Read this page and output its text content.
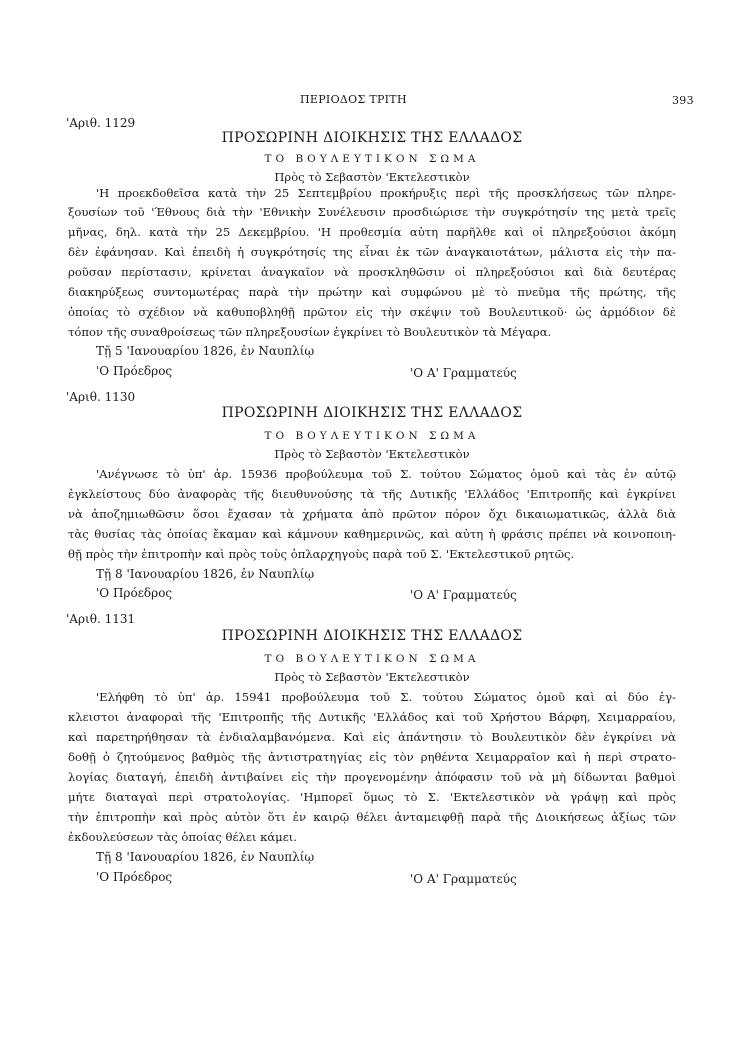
ΠΕΡΙΟΔΟΣ ΤΡΙΤΗ	393
'Αριθ. 1129
ΠΡΟΣΩΡΙΝΗ ΔΙΟΙΚΗΣΙΣ ΤΗΣ ΕΛΛΑΔΟΣ
ΤΟ ΒΟΥΛΕΥΤΙΚΟΝ ΣΩΜΑ
Πρὸς τὸ Σεβαστὸν 'Εκτελεστικὸν
'Η προεκδοθεῖσα κατὰ τὴν 25 Σεπτεμβρίου προκήρυξις περὶ τῆς προσκλήσεως τῶν πληρε-
ξουσίων τοῦ 'Έθνους διὰ τὴν 'Εθνικὴν Συνέλευσιν προσδιώρισε τὴν συγκρότησίν της μετὰ τρεῖς
μῆνας, δηλ. κατὰ τὴν 25 Δεκεμβρίου. 'Η προθεσμία αὐτη παρῆλθε καὶ οἱ πληρεξούσιοι ἀκόμη
δὲν ἐφάνησαν. Καὶ ἐπειδὴ ἡ συγκρότησίς της εἶναι ἐκ τῶν ἀναγκαιοτάτων, μάλιστα εἰς τὴν πα-
ροῦσαν περίστασιν, κρίνεται ἀναγκαῖον νὰ προσκληθῶσιν οἱ πληρεξούσιοι καὶ διὰ δευτέρας
διακηρύξεως συντομωτέρας παρὰ τὴν πρώτην καὶ συμφώνου μὲ τὸ πνεῦμα τῆς πρώτης, τῆς
ὁποίας τὸ σχέδιον νὰ καθυποβληθῇ πρῶτον εἰς τὴν σκέψιν τοῦ Βουλευτικοῦ· ὡς ἁρμόδιον δὲ
τόπον τῆς συναθροίσεως τῶν πληρεξουσίων ἐγκρίνει τὸ Βουλευτικὸν τὰ Μέγαρα.
Τῇ 5 'Ιανουαρίου 1826, ἐν Ναυπλίῳ
'Ο Πρόεδρος	'Ο Α' Γραμματεύς
'Αριθ. 1130
ΠΡΟΣΩΡΙΝΗ ΔΙΟΙΚΗΣΙΣ ΤΗΣ ΕΛΛΑΔΟΣ
ΤΟ ΒΟΥΛΕΥΤΙΚΟΝ ΣΩΜΑ
Πρὸς τὸ Σεβαστὸν 'Εκτελεστικὸν
'Ανέγνωσε τὸ ὑπ' ἀρ. 15936 προβούλευμα τοῦ Σ. τούτου Σώματος ὁμοῦ καὶ τὰς ἐν αὐτῷ
ἐγκλείστους δύο ἀναφορὰς τῆς διευθυνούσης τὰ τῆς Δυτικῆς 'Ελλάδος 'Επιτροπῆς καὶ ἐγκρίνει
νὰ ἀποζημιωθῶσιν ὅσοι ἔχασαν τὰ χρήματα ἀπὸ πρῶτον πόρον ὄχι δικαιωματικῶς, ἀλλὰ διὰ
τὰς θυσίας τὰς ὁποίας ἔκαμαν καὶ κάμνουν καθημερινῶς, καὶ αὐτη ἡ φράσις πρέπει νὰ κοινοποιη-
θῇ πρὸς τὴν ἐπιτροπὴν καὶ πρὸς τοὺς ὁπλαρχηγοὺς παρὰ τοῦ Σ. 'Εκτελεστικοῦ ρητῶς.
Τῇ 8 'Ιανουαρίου 1826, ἐν Ναυπλίῳ
'Ο Πρόεδρος	'Ο Α' Γραμματεύς
'Αριθ. 1131
ΠΡΟΣΩΡΙΝΗ ΔΙΟΙΚΗΣΙΣ ΤΗΣ ΕΛΛΑΔΟΣ
ΤΟ ΒΟΥΛΕΥΤΙΚΟΝ ΣΩΜΑ
Πρὸς τὸ Σεβαστὸν 'Εκτελεστικὸν
'Ελήφθη τὸ ὑπ' ἀρ. 15941 προβούλευμα τοῦ Σ. τούτου Σώματος ὁμοῦ καὶ αἱ δύο ἐγ-
κλειστοι ἀναφοραὶ τῆς 'Επιτροπῆς τῆς Δυτικῆς 'Ελλάδος καὶ τοῦ Χρήστου Βάρφη, Χειμαρραίου,
καὶ παρετηρήθησαν τὰ ἐνδιαλαμβανόμενα. Καὶ εἰς ἀπάντησιν τὸ Βουλευτικὸν δὲν ἐγκρίνει νὰ
δοθῇ ὁ ζητούμενος βαθμὸς τῆς ἀντιστρατηγίας εἰς τὸν ρηθέντα Χειμαρραῖον καὶ ἡ περὶ στρατο-
λογίας διαταγή, ἐπειδὴ ἀντιβαίνει εἰς τὴν προγενομένην ἀπόφασιν τοῦ νὰ μὴ δίδωνται βαθμοὶ
μήτε διαταγαὶ περὶ στρατολογίας. 'Ημπορεῖ ὅμως τὸ Σ. 'Εκτελεστικὸν νὰ γράψῃ καὶ πρὸς
τὴν ἐπιτροπὴν καὶ πρὸς αὐτὸν ὅτι ἐν καιρῷ θέλει ἀνταμειφθῇ παρὰ τῆς Διοικήσεως ἀξίως τῶν
ἐκδουλεύσεων τὰς ὁποίας θέλει κάμει.
Τῇ 8 'Ιανουαρίου 1826, ἐν Ναυπλίῳ
'Ο Πρόεδρος	'Ο Α' Γραμματεύς
